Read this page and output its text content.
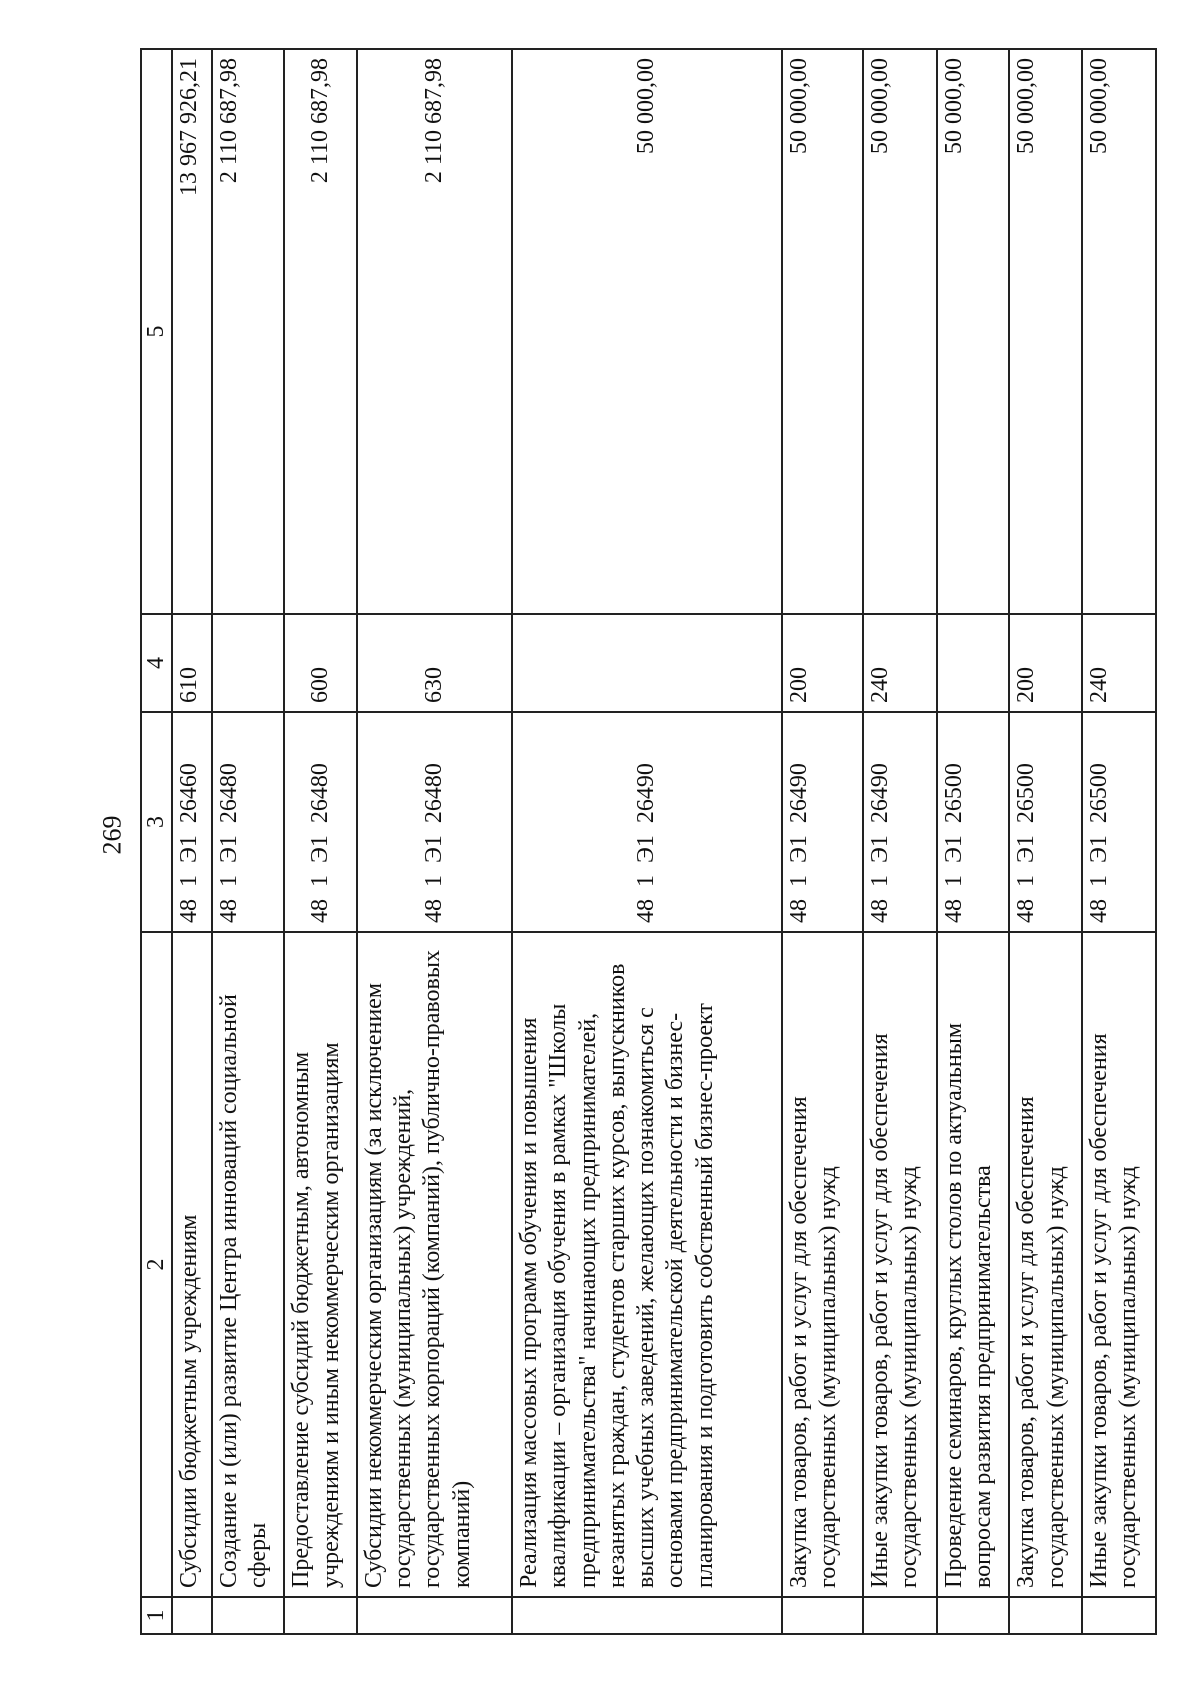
269
1	2	3	4	5
	Субсидии бюджетным учреждениям	48  1  Э1  26460	610	13 967 926,21
	Создание и (или) развитие Центра инноваций социальной сферы	48  1  Э1  26480		2 110 687,98
	Предоставление субсидий бюджетным, автономным учреждениям и иным некоммерческим организациям	48  1  Э1  26480	600	2 110 687,98
	Субсидии некоммерческим организациям (за исключением государственных (муниципальных) учреждений, государственных корпораций (компаний), публично-правовых компаний)	48  1  Э1  26480	630	2 110 687,98
	Реализация массовых программ обучения и повышения квалификации – организация обучения в рамках "Школы предпринимательства" начинающих предпринимателей, незанятых граждан, студентов старших курсов, выпускников высших учебных заведений, желающих познакомиться с основами предпринимательской деятельности и бизнес-планирования и подготовить собственный бизнес-проект	48  1  Э1  26490		50 000,00
	Закупка товаров, работ и услуг для обеспечения государственных (муниципальных) нужд	48  1  Э1  26490	200	50 000,00
	Иные закупки товаров, работ и услуг для обеспечения государственных (муниципальных) нужд	48  1  Э1  26490	240	50 000,00
	Проведение семинаров, круглых столов по актуальным вопросам развития предпринимательства	48  1  Э1  26500		50 000,00
	Закупка товаров, работ и услуг для обеспечения государственных (муниципальных) нужд	48  1  Э1  26500	200	50 000,00
	Иные закупки товаров, работ и услуг для обеспечения государственных (муниципальных) нужд	48  1  Э1  26500	240	50 000,00
